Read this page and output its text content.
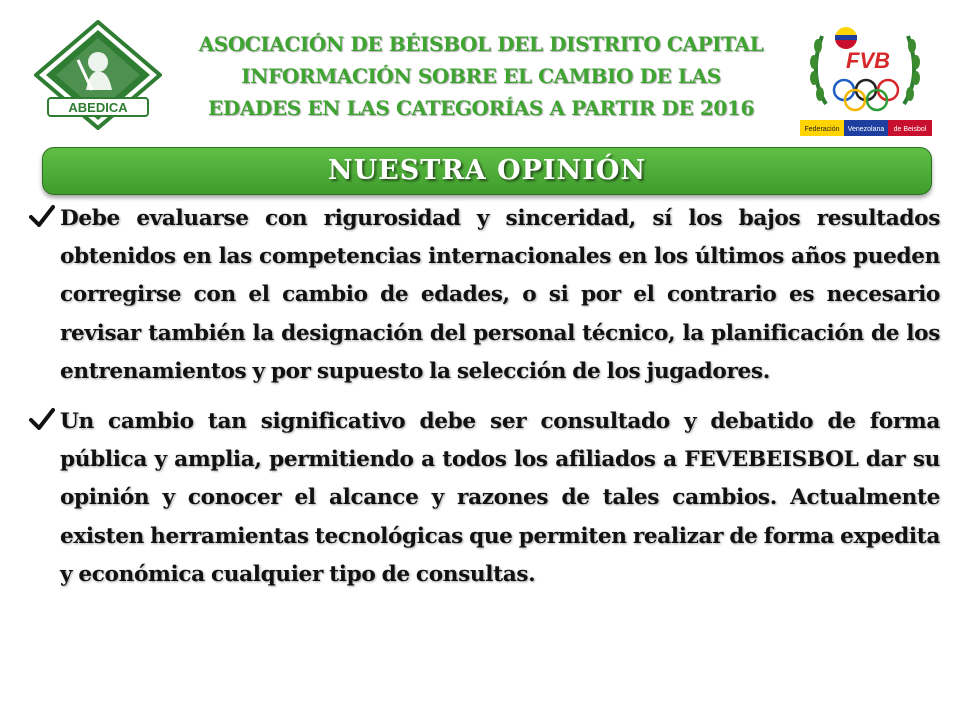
ABEDICA
ASOCIACIÓN DE BÉISBOL DEL DISTRITO CAPITAL
INFORMACIÓN SOBRE EL CAMBIO DE LAS
EDADES EN LAS CATEGORÍAS A PARTIR DE 2016
FVB
Federación Venezolana de Beisbol
NUESTRA OPINIÓN
Debe evaluarse con rigurosidad y sinceridad, sí los bajos resultados obtenidos en las competencias internacionales en los últimos años pueden corregirse con el cambio de edades, o si por el contrario es necesario revisar también la designación del personal técnico, la planificación de los entrenamientos y por supuesto la selección de los jugadores.
Un cambio tan significativo debe ser consultado y debatido de forma pública y amplia, permitiendo a todos los afiliados a FEVEBEISBOL dar su opinión y conocer el alcance y razones de tales cambios. Actualmente existen herramientas tecnológicas que permiten realizar de forma expedita y económica cualquier tipo de consultas.
